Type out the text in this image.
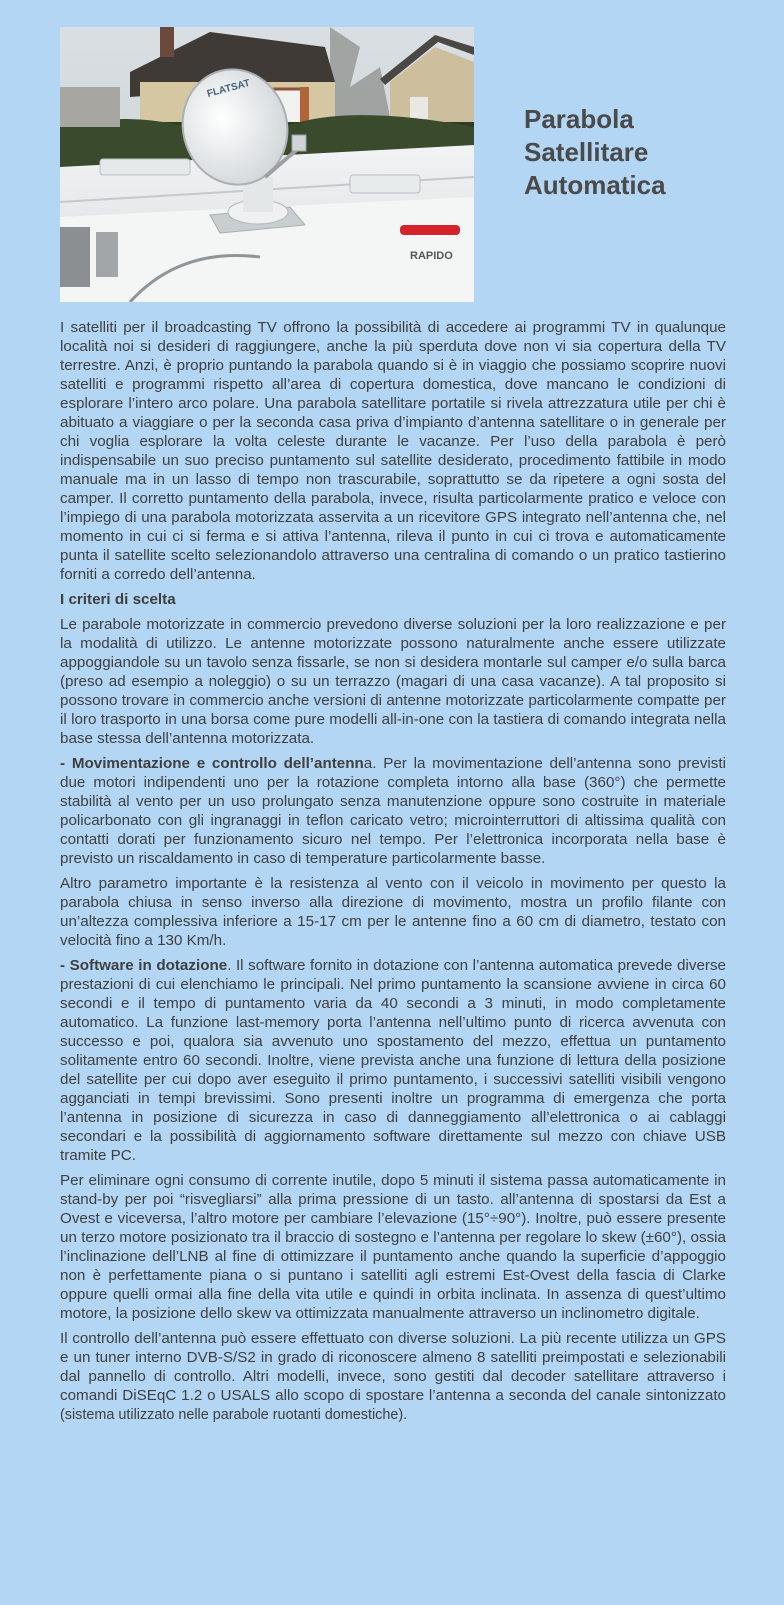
RAPIDO
FLATSAT
Parabola Satellitare Automatica

I satelliti per il broadcasting TV offrono la possibilità di accedere ai programmi TV in qualunque località noi si desideri di raggiungere, anche la più sperduta dove non vi sia copertura della TV terrestre. Anzi, è proprio puntando la parabola quando si è in viaggio che possiamo scoprire nuovi satelliti e programmi rispetto all’area di copertura domestica, dove mancano le condizioni di esplorare l’intero arco polare. Una parabola satellitare portatile si rivela attrezzatura utile per chi è abituato a viaggiare o per la seconda casa priva d’impianto d’antenna satellitare o in generale per chi voglia esplorare la volta celeste durante le vacanze. Per l’uso della parabola è però indispensabile un suo preciso puntamento sul satellite desiderato, procedimento fattibile in modo manuale ma in un lasso di tempo non trascurabile, soprattutto se da ripetere a ogni sosta del camper. Il corretto puntamento della parabola, invece, risulta particolarmente pratico e veloce con l’impiego di una parabola motorizzata asservita a un ricevitore GPS integrato nell’antenna che, nel momento in cui ci si ferma e si attiva l’antenna, rileva il punto in cui ci trova e automaticamente punta il satellite scelto selezionandolo attraverso una centralina di comando o un pratico tastierino forniti a corredo dell’antenna.

I criteri di scelta

Le parabole motorizzate in commercio prevedono diverse soluzioni per la loro realizzazione e per la modalità di utilizzo. Le antenne motorizzate possono naturalmente anche essere utilizzate appoggiandole su un tavolo senza fissarle, se non si desidera montarle sul camper e/o sulla barca (preso ad esempio a noleggio) o su un terrazzo (magari di una casa vacanze). A tal proposito si possono trovare in commercio anche versioni di antenne motorizzate particolarmente compatte per il loro trasporto in una borsa come pure modelli all-in-one con la tastiera di comando integrata nella base stessa dell’antenna motorizzata.

- Movimentazione e controllo dell’antenna. Per la movimentazione dell’antenna sono previsti due motori indipendenti uno per la rotazione completa intorno alla base (360°) che permette stabilità al vento per un uso prolungato senza manutenzione oppure sono costruite in materiale policarbonato con gli ingranaggi in teflon caricato vetro; microinterruttori di altissima qualità con contatti dorati per funzionamento sicuro nel tempo. Per l’elettronica incorporata nella base è previsto un riscaldamento in caso di temperature particolarmente basse.

Altro parametro importante è la resistenza al vento con il veicolo in movimento per questo la parabola chiusa in senso inverso alla direzione di movimento, mostra un profilo filante con un’altezza complessiva inferiore a 15-17 cm per le antenne fino a 60 cm di diametro, testato con velocità fino a 130 Km/h.

- Software in dotazione. Il software fornito in dotazione con l’antenna automatica prevede diverse prestazioni di cui elenchiamo le principali. Nel primo puntamento la scansione avviene in circa 60 secondi e il tempo di puntamento varia da 40 secondi a 3 minuti, in modo completamente automatico. La funzione last-memory porta l’antenna nell’ultimo punto di ricerca avvenuta con successo e poi, qualora sia avvenuto uno spostamento del mezzo, effettua un puntamento solitamente entro 60 secondi. Inoltre, viene prevista anche una funzione di lettura della posizione del satellite per cui dopo aver eseguito il primo puntamento, i successivi satelliti visibili vengono agganciati in tempi brevissimi. Sono presenti inoltre un programma di emergenza che porta l’antenna in posizione di sicurezza in caso di danneggiamento all’elettronica o ai cablaggi secondari e la possibilità di aggiornamento software direttamente sul mezzo con chiave USB tramite PC.

Per eliminare ogni consumo di corrente inutile, dopo 5 minuti il sistema passa automaticamente in stand-by per poi “risvegliarsi” alla prima pressione di un tasto. all’antenna di spostarsi da Est a Ovest e viceversa, l’altro motore per cambiare l’elevazione (15°÷90°). Inoltre, può essere presente un terzo motore posizionato tra il braccio di sostegno e l’antenna per regolare lo skew (±60°), ossia l’inclinazione dell’LNB al fine di ottimizzare il puntamento anche quando la superficie d’appoggio non è perfettamente piana o si puntano i satelliti agli estremi Est-Ovest della fascia di Clarke oppure quelli ormai alla fine della vita utile e quindi in orbita inclinata. In assenza di quest’ultimo motore, la posizione dello skew va ottimizzata manualmente attraverso un inclinometro digitale.

Il controllo dell’antenna può essere effettuato con diverse soluzioni. La più recente utilizza un GPS e un tuner interno DVB-S/S2 in grado di riconoscere almeno 8 satelliti preimpostati e selezionabili dal pannello di controllo. Altri modelli, invece, sono gestiti dal decoder satellitare attraverso i comandi DiSEqC 1.2 o USALS allo scopo di spostare l’antenna a seconda del canale sintonizzato (sistema utilizzato nelle parabole ruotanti domestiche).
